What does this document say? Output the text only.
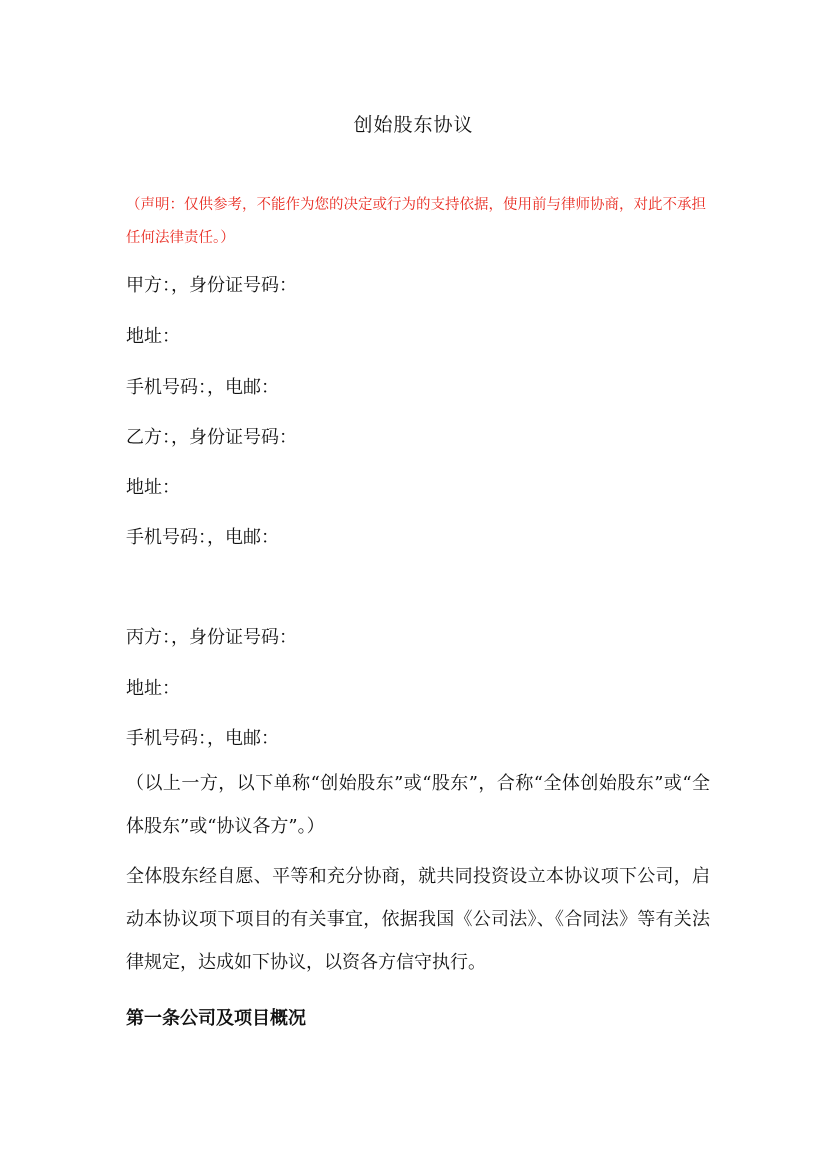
创始股东协议
（声明：仅供参考，不能作为您的决定或行为的支持依据，使用前与律师协商，对此不承担任何法律责任。）
甲方：，身份证号码：
地址：
手机号码：，电邮：
乙方：，身份证号码：
地址：
手机号码：，电邮：
丙方：，身份证号码：
地址：
手机号码：，电邮：
（以上一方，以下单称“创始股东”或“股东”，合称“全体创始股东”或“全体股东”或“协议各方”。）
全体股东经自愿、平等和充分协商，就共同投资设立本协议项下公司，启动本协议项下项目的有关事宜，依据我国《公司法》、《合同法》等有关法律规定，达成如下协议，以资各方信守执行。
第一条公司及项目概况
